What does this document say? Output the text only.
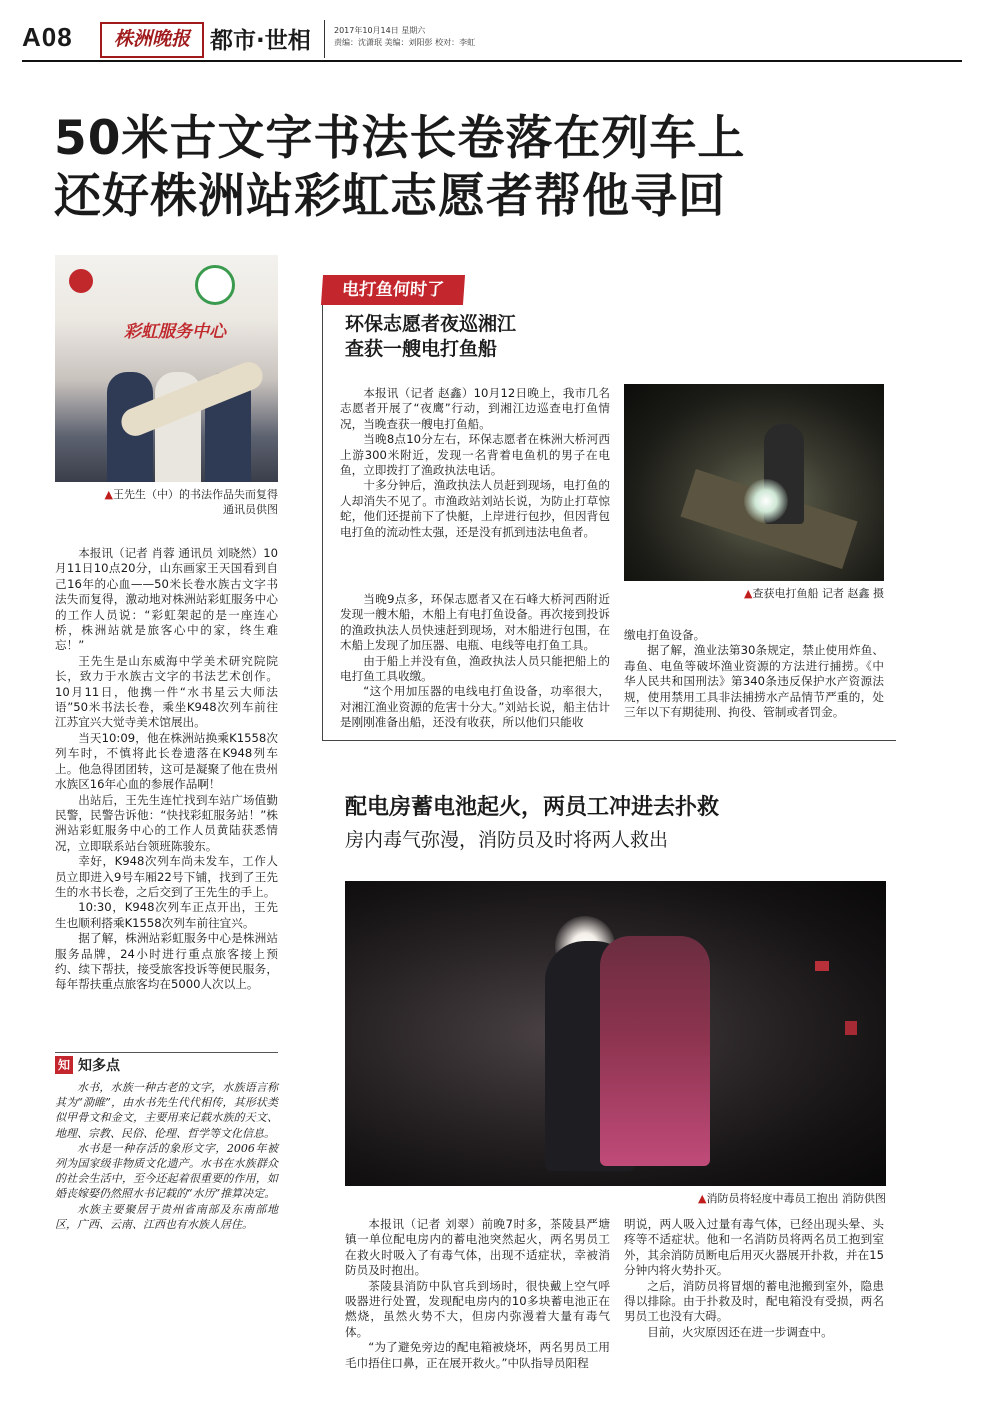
A08	株洲晚报 都市·世相	2017年10月14日 星期六
责编：沈潇珉 美编：刘阳彭 校对：李虹
50米古文字书法长卷落在列车上
还好株洲站彩虹志愿者帮他寻回
彩虹服务中心
▲王先生（中）的书法作品失而复得
通讯员供图

本报讯（记者 肖蓉 通讯员 刘晓然）10月11日10点20分，山东画家王天国看到自己16年的心血——50米长卷水族古文字书法失而复得，激动地对株洲站彩虹服务中心的工作人员说：“彩虹架起的是一座连心桥，株洲站就是旅客心中的家，终生难忘！”

王先生是山东威海中学美术研究院院长，致力于水族古文字的书法艺术创作。10月11日，他携一件“水书星云大师法语”50米书法长卷，乘坐K948次列车前往江苏宜兴大觉寺美术馆展出。

当天10:09，他在株洲站换乘K1558次列车时，不慎将此长卷遗落在K948列车上。他急得团团转，这可是凝聚了他在贵州水族区16年心血的参展作品啊！

出站后，王先生连忙找到车站广场值勤民警，民警告诉他：“快找彩虹服务站！”株洲站彩虹服务中心的工作人员黄陆获悉情况，立即联系站台领班陈骏东。

幸好，K948次列车尚未发车，工作人员立即进入9号车厢22号下铺，找到了王先生的水书长卷，之后交到了王先生的手上。

10:30，K948次列车正点开出，王先生也顺利搭乘K1558次列车前往宜兴。

据了解，株洲站彩虹服务中心是株洲站服务品牌，24小时进行重点旅客接上预约、续下帮扶，接受旅客投诉等便民服务，每年帮扶重点旅客均在5000人次以上。

知 知多点

水书，水族一种古老的文字，水族语言称其为“泐睢”，由水书先生代代相传，其形状类似甲骨文和金文，主要用来记载水族的天文、地理、宗教、民俗、伦理、哲学等文化信息。

水书是一种存活的象形文字，2006年被列为国家级非物质文化遗产。水书在水族群众的社会生活中，至今还起着很重要的作用，如婚丧嫁娶仍然照水书记载的“水历”推算决定。

水族主要聚居于贵州省南部及东南部地区，广西、云南、江西也有水族人居住。

电打鱼何时了
环保志愿者夜巡湘江
查获一艘电打鱼船

本报讯（记者 赵鑫）10月12日晚上，我市几名志愿者开展了“夜鹰”行动，到湘江边巡查电打鱼情况，当晚查获一艘电打鱼船。

当晚8点10分左右，环保志愿者在株洲大桥河西上游300米附近，发现一名背着电鱼机的男子在电鱼，立即拨打了渔政执法电话。

十多分钟后，渔政执法人员赶到现场，电打鱼的人却消失不见了。市渔政站刘站长说，为防止打草惊蛇，他们还提前下了快艇，上岸进行包抄，但因背包电打鱼的流动性太强，还是没有抓到违法电鱼者。

▲查获电打鱼船 记者 赵鑫 摄

当晚9点多，环保志愿者又在石峰大桥河西附近发现一艘木船，木船上有电打鱼设备。再次接到投诉的渔政执法人员快速赶到现场，对木船进行包围，在木船上发现了加压器、电瓶、电线等电打鱼工具。

由于船上并没有鱼，渔政执法人员只能把船上的电打鱼工具收缴。

“这个用加压器的电线电打鱼设备，功率很大，对湘江渔业资源的危害十分大。”刘站长说，船主估计是刚刚准备出船，还没有收获，所以他们只能收

缴电打鱼设备。

据了解，渔业法第30条规定，禁止使用炸鱼、毒鱼、电鱼等破坏渔业资源的方法进行捕捞。《中华人民共和国刑法》第340条违反保护水产资源法规，使用禁用工具非法捕捞水产品情节严重的，处三年以下有期徒刑、拘役、管制或者罚金。

配电房蓄电池起火，两员工冲进去扑救
房内毒气弥漫，消防员及时将两人救出
▲消防员将轻度中毒员工抱出 消防供图

本报讯（记者 刘翠）前晚7时多，茶陵县严塘镇一单位配电房内的蓄电池突然起火，两名男员工在救火时吸入了有毒气体，出现不适症状，幸被消防员及时抱出。

茶陵县消防中队官兵到场时，很快戴上空气呼吸器进行处置，发现配电房内的10多块蓄电池正在燃烧，虽然火势不大，但房内弥漫着大量有毒气体。

“为了避免旁边的配电箱被烧坏，两名男员工用毛巾捂住口鼻，正在展开救火。”中队指导员阳程

明说，两人吸入过量有毒气体，已经出现头晕、头疼等不适症状。他和一名消防员将两名员工抱到室外，其余消防员断电后用灭火器展开扑救，并在15分钟内将火势扑灭。

之后，消防员将冒烟的蓄电池搬到室外，隐患得以排除。由于扑救及时，配电箱没有受损，两名男员工也没有大碍。

目前，火灾原因还在进一步调查中。
